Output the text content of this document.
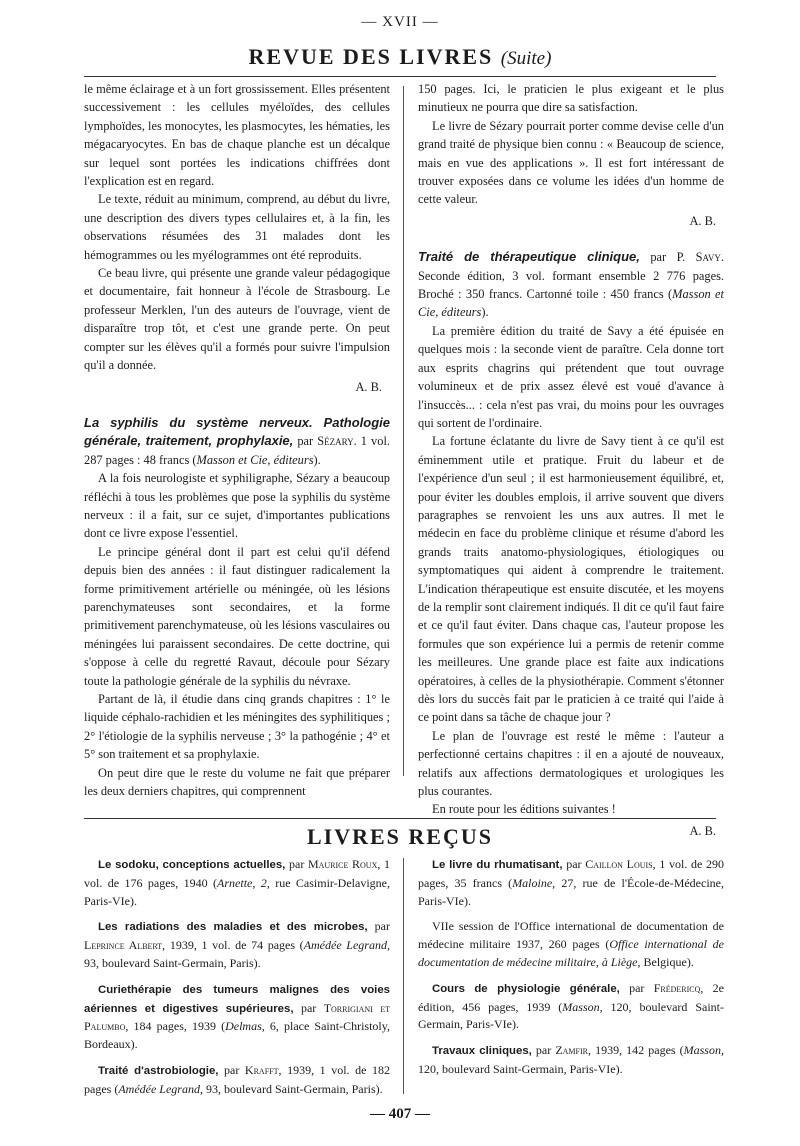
— XVII —
REVUE DES LIVRES (Suite)

le même éclairage et à un fort grossissement. Elles présentent successivement : les cellules myéloïdes, des cellules lymphoïdes, les monocytes, les plasmocytes, les hématies, les mégacaryocytes. En bas de chaque planche est un décalque sur lequel sont portées les indications chiffrées dont l'explication est en regard.

Le texte, réduit au minimum, comprend, au début du livre, une description des divers types cellulaires et, à la fin, les observations résumées des 31 malades dont les hémogrammes ou les myélogrammes ont été reproduits.

Ce beau livre, qui présente une grande valeur pédagogique et documentaire, fait honneur à l'école de Strasbourg. Le professeur Merklen, l'un des auteurs de l'ouvrage, vient de disparaître trop tôt, et c'est une grande perte. On peut compter sur les élèves qu'il a formés pour suivre l'impulsion qu'il a donnée.

A. B.

La syphilis du système nerveux. Pathologie générale, traitement, prophylaxie, par Sézary. 1 vol. 287 pages : 48 francs (Masson et Cie, éditeurs).

A la fois neurologiste et syphiligraphe, Sézary a beaucoup réfléchi à tous les problèmes que pose la syphilis du système nerveux : il a fait, sur ce sujet, d'importantes publications dont ce livre expose l'essentiel.

Le principe général dont il part est celui qu'il défend depuis bien des années : il faut distinguer radicalement la forme primitivement artérielle ou méningée, où les lésions parenchymateuses sont secondaires, et la forme primitivement parenchymateuse, où les lésions vasculaires ou méningées lui paraissent secondaires. De cette doctrine, qui s'oppose à celle du regretté Ravaut, découle pour Sézary toute la pathologie générale de la syphilis du névraxe.

Partant de là, il étudie dans cinq grands chapitres : 1° le liquide céphalo-rachidien et les méningites des syphilitiques ; 2° l'étiologie de la syphilis nerveuse ; 3° la pathogénie ; 4° et 5° son traitement et sa prophylaxie.

On peut dire que le reste du volume ne fait que préparer les deux derniers chapitres, qui comprennent

150 pages. Ici, le praticien le plus exigeant et le plus minutieux ne pourra que dire sa satisfaction.

Le livre de Sézary pourrait porter comme devise celle d'un grand traité de physique bien connu : « Beaucoup de science, mais en vue des applications ». Il est fort intéressant de trouver exposées dans ce volume les idées d'un homme de cette valeur.

A. B.

Traité de thérapeutique clinique, par P. Savy. Seconde édition, 3 vol. formant ensemble 2 776 pages. Broché : 350 francs. Cartonné toile : 450 francs (Masson et Cie, éditeurs).

La première édition du traité de Savy a été épuisée en quelques mois : la seconde vient de paraître. Cela donne tort aux esprits chagrins qui prétendent que tout ouvrage volumineux et de prix assez élevé est voué d'avance à l'insuccès... : cela n'est pas vrai, du moins pour les ouvrages qui sortent de l'ordinaire.

La fortune éclatante du livre de Savy tient à ce qu'il est éminemment utile et pratique. Fruit du labeur et de l'expérience d'un seul ; il est harmonieusement équilibré, et, pour éviter les doubles emplois, il arrive souvent que divers paragraphes se renvoient les uns aux autres. Il met le médecin en face du problème clinique et résume d'abord les grands traits anatomo-physiologiques, étiologiques ou symptomatiques qui aident à comprendre le traitement. L'indication thérapeutique est ensuite discutée, et les moyens de la remplir sont clairement indiqués. Il dit ce qu'il faut faire et ce qu'il faut éviter. Dans chaque cas, l'auteur propose les formules que son expérience lui a permis de retenir comme les meilleures. Une grande place est faite aux indications opératoires, à celles de la physiothérapie. Comment s'étonner dès lors du succès fait par le praticien à ce traité qui l'aide à ce point dans sa tâche de chaque jour ?

Le plan de l'ouvrage est resté le même : l'auteur a perfectionné certains chapitres : il en a ajouté de nouveaux, relatifs aux affections dermatologiques et urologiques les plus courantes.

En route pour les éditions suivantes !

A. B.

LIVRES REÇUS

Le sodoku, conceptions actuelles, par Maurice Roux, 1 vol. de 176 pages, 1940 (Arnette, 2, rue Casimir-Delavigne, Paris-VIe).

Les radiations des maladies et des microbes, par Leprince Albert, 1939, 1 vol. de 74 pages (Amédée Legrand, 93, boulevard Saint-Germain, Paris).

Curiethérapie des tumeurs malignes des voies aériennes et digestives supérieures, par Torrigiani et Palumbo, 184 pages, 1939 (Delmas, 6, place Saint-Christoly, Bordeaux).

Traité d'astrobiologie, par Krafft, 1939, 1 vol. de 182 pages (Amédée Legrand, 93, boulevard Saint-Germain, Paris).

Le livre du rhumatisant, par Caillon Louis, 1 vol. de 290 pages, 35 francs (Maloine, 27, rue de l'École-de-Médecine, Paris-VIe).

VIIe session de l'Office international de documentation de médecine militaire 1937, 260 pages (Office international de documentation de médecine militaire, à Liège, Belgique).

Cours de physiologie générale, par Frédericq, 2e édition, 456 pages, 1939 (Masson, 120, boulevard Saint-Germain, Paris-VIe).

Travaux cliniques, par Zamfir, 1939, 142 pages (Masson, 120, boulevard Saint-Germain, Paris-VIe).

— 407 —
